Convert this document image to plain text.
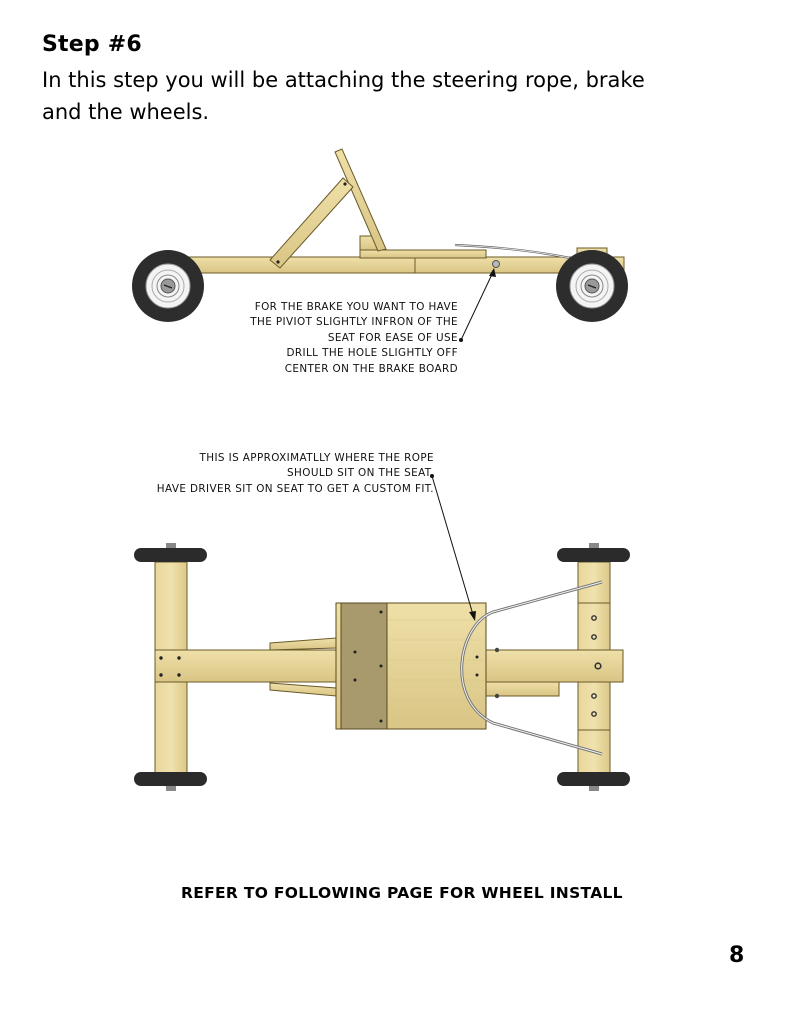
Step #6
In this step you will be attaching the steering rope, brake
and the wheels.
FOR THE BRAKE YOU WANT TO HAVE
THE PIVIOT SLIGHTLY INFRON OF THE
SEAT FOR EASE OF USE
DRILL THE HOLE SLIGHTLY OFF
CENTER ON THE BRAKE BOARD
THIS IS APPROXIMATLLY WHERE THE ROPE
SHOULD SIT ON THE SEAT.
HAVE DRIVER SIT ON SEAT TO GET A CUSTOM FIT.
REFER TO FOLLOWING PAGE FOR WHEEL INSTALL
8
